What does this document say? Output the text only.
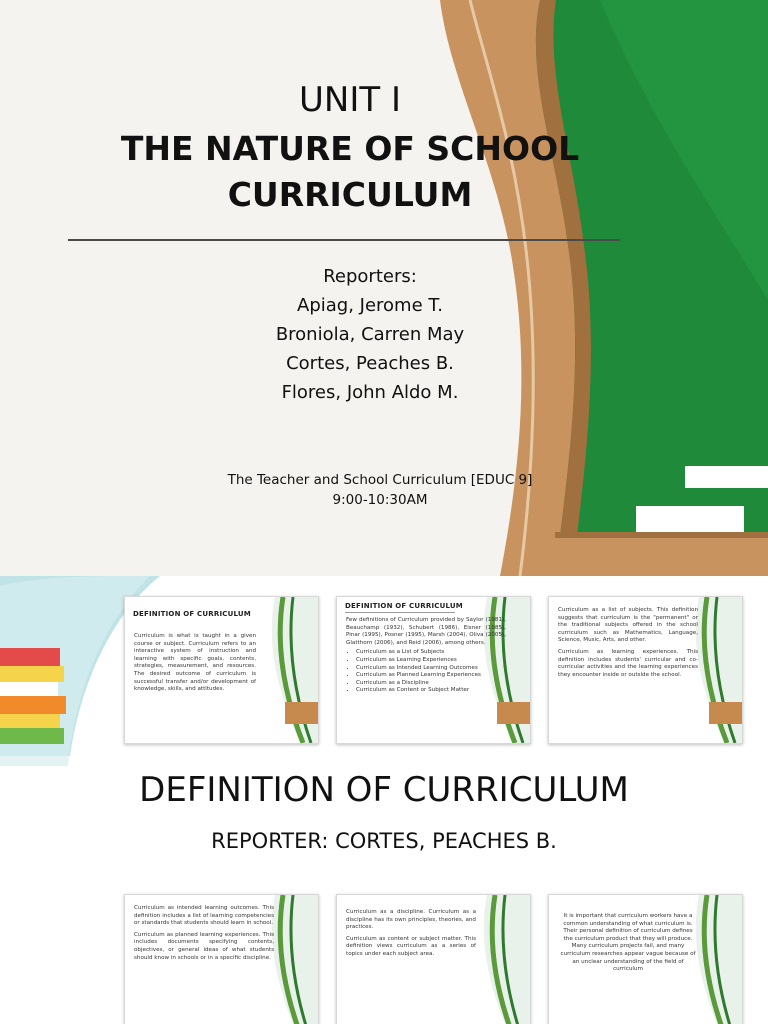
UNIT I
THE NATURE OF SCHOOL
CURRICULUM
Reporters:
Apiag, Jerome T.
Broniola, Carren May
Cortes, Peaches B.
Flores, John Aldo M.
The Teacher and School Curriculum [EDUC 9]
9:00-10:30AM
DEFINITION OF CURRICULUM
Curriculum is what is taught in a given course or subject. Curriculum refers to an interactive system of instruction and learning with specific goals, contents, strategies, measurement, and resources. The desired outcome of curriculum is successful transfer and/or development of knowledge, skills, and attitudes.
DEFINITION OF CURRICULUM
Few definitions of Curriculum provided by Saylor (1981), Beauchamp (1932), Schubert (1986), Eisner (1985), Pinar (1995), Posner (1995), Marsh (2004), Oliva (2005), Glatthorn (2006), and Reid (2006), among others.
• Curriculum as a List of Subjects
• Curriculum as Learning Experiences
• Curriculum as Intended Learning Outcomes
• Curriculum as Planned Learning Experiences
• Curriculum as a Discipline
• Curriculum as Content or Subject Matter

Curriculum as a list of subjects. This definition suggests that curriculum is the "permanent" or the traditional subjects offered in the school curriculum such as Mathematics, Language, Science, Music, Arts, and other.

Curriculum as learning experiences. This definition includes students' curricular and co-curricular activities and the learning experiences they encounter inside or outside the school.

DEFINITION OF CURRICULUM
REPORTER: CORTES, PEACHES B.

Curriculum as intended learning outcomes. This definition includes a list of learning competencies or standards that students should learn in school.

Curriculum as planned learning experiences. This includes documents specifying contents, objectives, or general ideas of what students should know in schools or in a specific discipline.

Curriculum as a discipline. Curriculum as a discipline has its own principles, theories, and practices.

Curriculum as content or subject matter. This definition views curriculum as a series of topics under each subject area.

It is important that curriculum workers have a common understanding of what curriculum is. Their personal definition of curriculum defines the curriculum product that they will produce. Many curriculum projects fail, and many curriculum researches appear vague because of an unclear understanding of the field of curriculum
